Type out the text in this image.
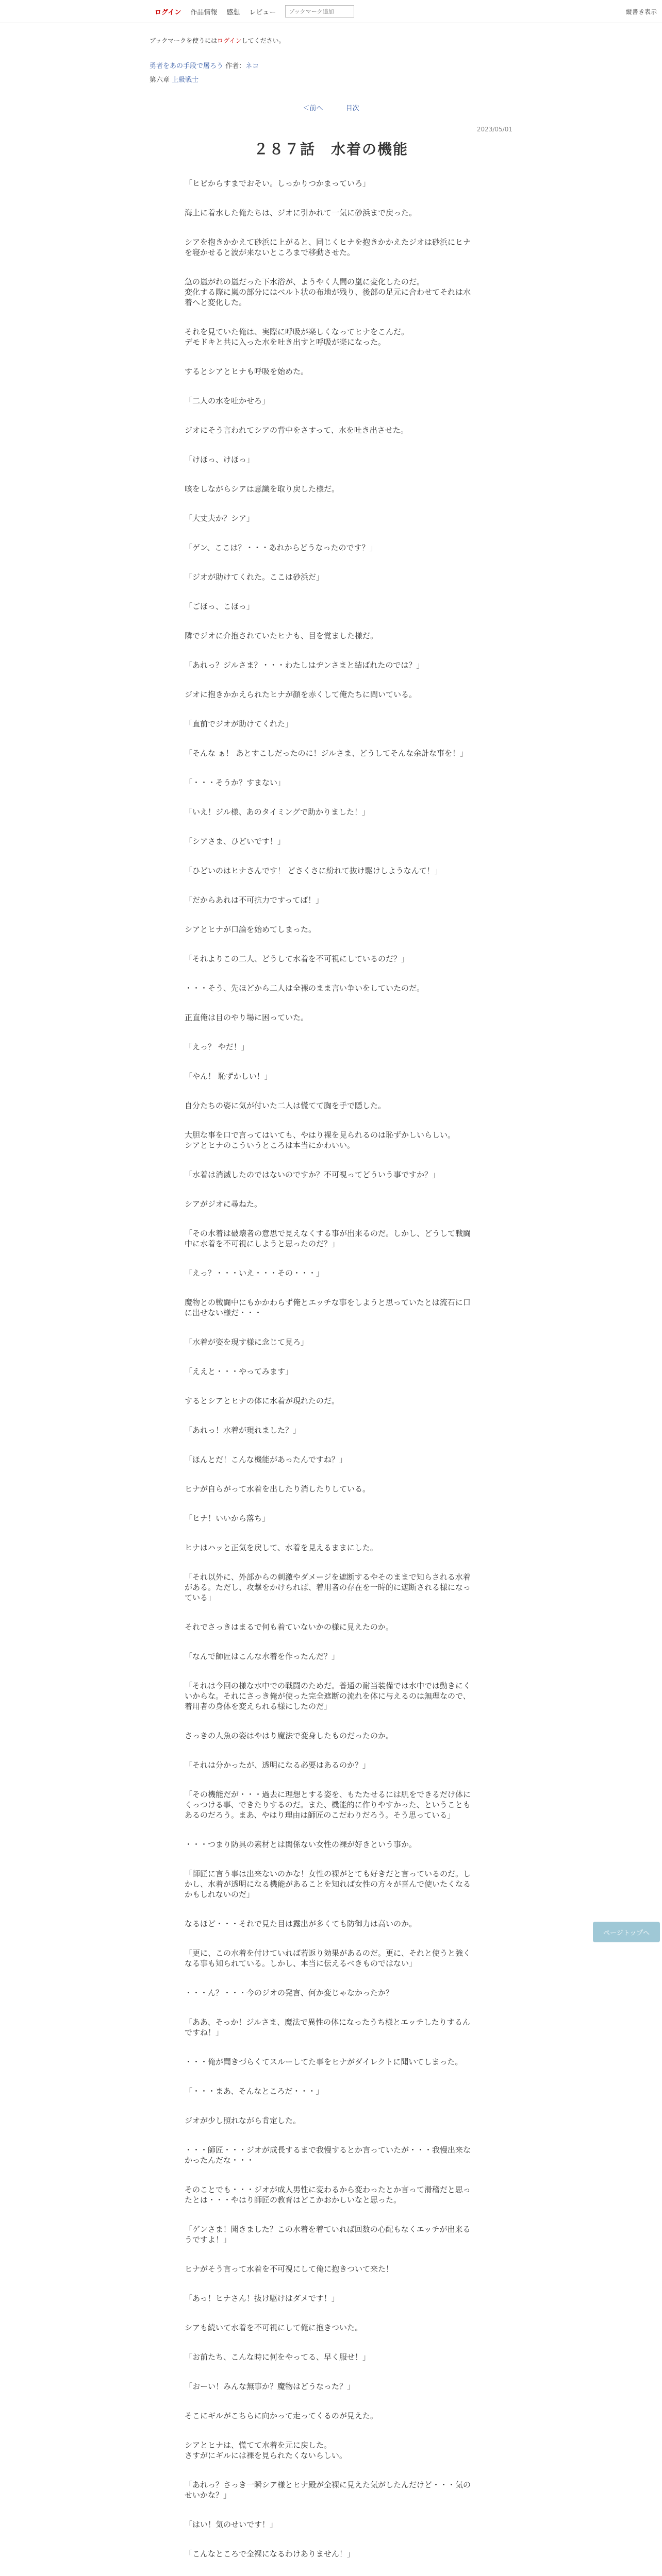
ログイン 作品情報 感想 レビュー	ブックマーク追加	縦書き表示
ブックマークを使うにはログインしてください。
勇者をあの手段で屠ろう 作者：ネコ
第六章 上級戦士
＜前へ	目次
2023/05/01
２８７話　水着の機能

「ヒビからすまでおそい。しっかりつかまっていろ」

海上に着水した俺たちは、ジオに引かれて一気に砂浜まで戻った。

シアを抱きかかえて砂浜に上がると、同じくヒナを抱きかかえたジオは砂浜にヒナを寝かせると波が来ないところまで移動させた。

急の嵐がれの嵐だった下水浴が、ようやく人間の嵐に変化したのだ。
変化する際に嵐の部分にはベルト状の布地が残り、後部の足元に合わせてそれは水着へと変化した。

それを見ていた俺は、実際に呼吸が楽しくなってヒナをこんだ。
デモドキと共に入った水を吐き出すと呼吸が楽になった。

するとシアとヒナも呼吸を始めた。

「二人の水を吐かせろ」

ジオにそう言われてシアの背中をさすって、水を吐き出させた。

「けほっ、けほっ」

咳をしながらシアは意識を取り戻した様だ。

「大丈夫か？シア」

「ゲン、ここは？・・・あれからどうなったのです？」

「ジオが助けてくれた。ここは砂浜だ」

「ごほっ、こほっ」

隣でジオに介抱されていたヒナも、目を覚ました様だ。

「あれっ？ジルさま？・・・わたしはヂンさまと結ばれたのでは？」

ジオに抱きかかえられたヒナが顔を赤くして俺たちに問いている。

「直前でジオが助けてくれた」

「そんな ぁ！ あとすこしだったのに！ジルさま、どうしてそんな余計な事を！」

「・・・そうか？すまない」

「いえ！ジル様、あのタイミングで助かりました！」

「シアさま、ひどいです！」

「ひどいのはヒナさんです！ どさくさに紛れて抜け駆けしようなんて！」

「だからあれは不可抗力ですってば！」

シアとヒナが口論を始めてしまった。

「それよりこの二人、どうして水着を不可視にしているのだ？」

・・・そう、先ほどから二人は全裸のまま言い争いをしていたのだ。

正直俺は目のやり場に困っていた。

「えっ？ やだ！」

「やん！ 恥ずかしい！」

自分たちの姿に気が付いた二人は慌てて胸を手で隠した。

大胆な事を口で言ってはいても、やはり裸を見られるのは恥ずかしいらしい。
シアとヒナのこういうところは本当にかわいい。

「水着は消滅したのではないのですか？不可視ってどういう事ですか？」

シアがジオに尋ねた。

「その水着は破壊者の意思で見えなくする事が出来るのだ。しかし、どうして戦闘中に水着を不可視にしようと思ったのだ？」

「えっ？・・・いえ・・・その・・・」

魔物との戦闘中にもかかわらず俺とエッチな事をしようと思っていたとは流石に口に出せない様だ・・・

「水着が姿を現す様に念じて見ろ」

「ええと・・・やってみます」

するとシアとヒナの体に水着が現れたのだ。

「あれっ！水着が現れました？」

「ほんとだ！こんな機能があったんですね？」

ヒナが自らがって水着を出したり消したりしている。

「ヒナ！いいから落ち」

ヒナはハッと正気を戻して、水着を見えるままにした。

「それ以外に、外部からの刺激やダメージを遮断するやそのままで知らされる水着がある。ただし、攻撃をかけられば、着用者の存在を一時的に遮断される様になっている」

それでさっきはまるで何も着ていないかの様に見えたのか。

「なんで師匠はこんな水着を作ったんだ？」

「それは今回の様な水中での戦闘のためだ。普通の耐当装備では水中では動きにくいからな。それにさっき俺が使った完全遮断の流れを体に与えるのは無理なので、着用者の身体を変えられる様にしたのだ」

さっきの人魚の姿はやはり魔法で変身したものだったのか。

「それは分かったが、透明になる必要はあるのか？」

「その機能だが・・・過去に理想とする姿を、もたたせるには肌をできるだけ体にくっつける事、できたりするのだ。また、機能的に作りやすかった、ということもあるのだろう。まあ、やはり理由は師匠のこだわりだろう。そう思っている」

・・・つまり防具の素材とは関係ない女性の裸が好きという事か。

「師匠に言う事は出来ないのかな！女性の裸がとても好きだと言っているのだ。しかし、水着が透明になる機能があることを知れば女性の方々が喜んで使いたくなるかもしれないのだ」

なるほど・・・それで見た目は露出が多くても防御力は高いのか。

「更に、この水着を付けていれば若返り効果があるのだ。更に、それと使うと強くなる事も知られている。しかし、本当に伝えるべきものではない」

・・・ん？・・・今のジオの発言、何か変じゃなかったか？

「ああ、そっか！ジルさま、魔法で異性の体になったうち様とエッチしたりするんですね！」

・・・俺が聞きづらくてスルーしてた事をヒナがダイレクトに聞いてしまった。

「・・・まあ、そんなところだ・・・」

ジオが少し照れながら肯定した。

・・・師匠・・・ジオが成長するまで我慢するとか言っていたが・・・我慢出来なかったんだな・・・

そのことでも・・・ジオが成人男性に変わるから変わったとか言って滑稽だと思ったとは・・・やはり師匠の教育はどこかおかしいなと思った。

「ゲンさま！聞きました？この水着を着ていれば回数の心配もなくエッチが出来るうですよ！」

ヒナがそう言って水着を不可視にして俺に抱きついて来た！

「あっ！ヒナさん！抜け駆けはダメです！」

シアも続いて水着を不可視にして俺に抱きついた。

「お前たち、こんな時に何をやってる、早く服せ！」

「おーい！みんな無事か？魔物はどうなった？」

そこにギルがこちらに向かって走ってくるのが見えた。

シアとヒナは、慌てて水着を元に戻した。
さすがにギルには裸を見られたくないらしい。

「あれっ？さっき一瞬シア様とヒナ殿が全裸に見えた気がしたんだけど・・・気のせいかな？」

「はい！気のせいです！」

「こんなところで全裸になるわけありません！」

ページトップへ
